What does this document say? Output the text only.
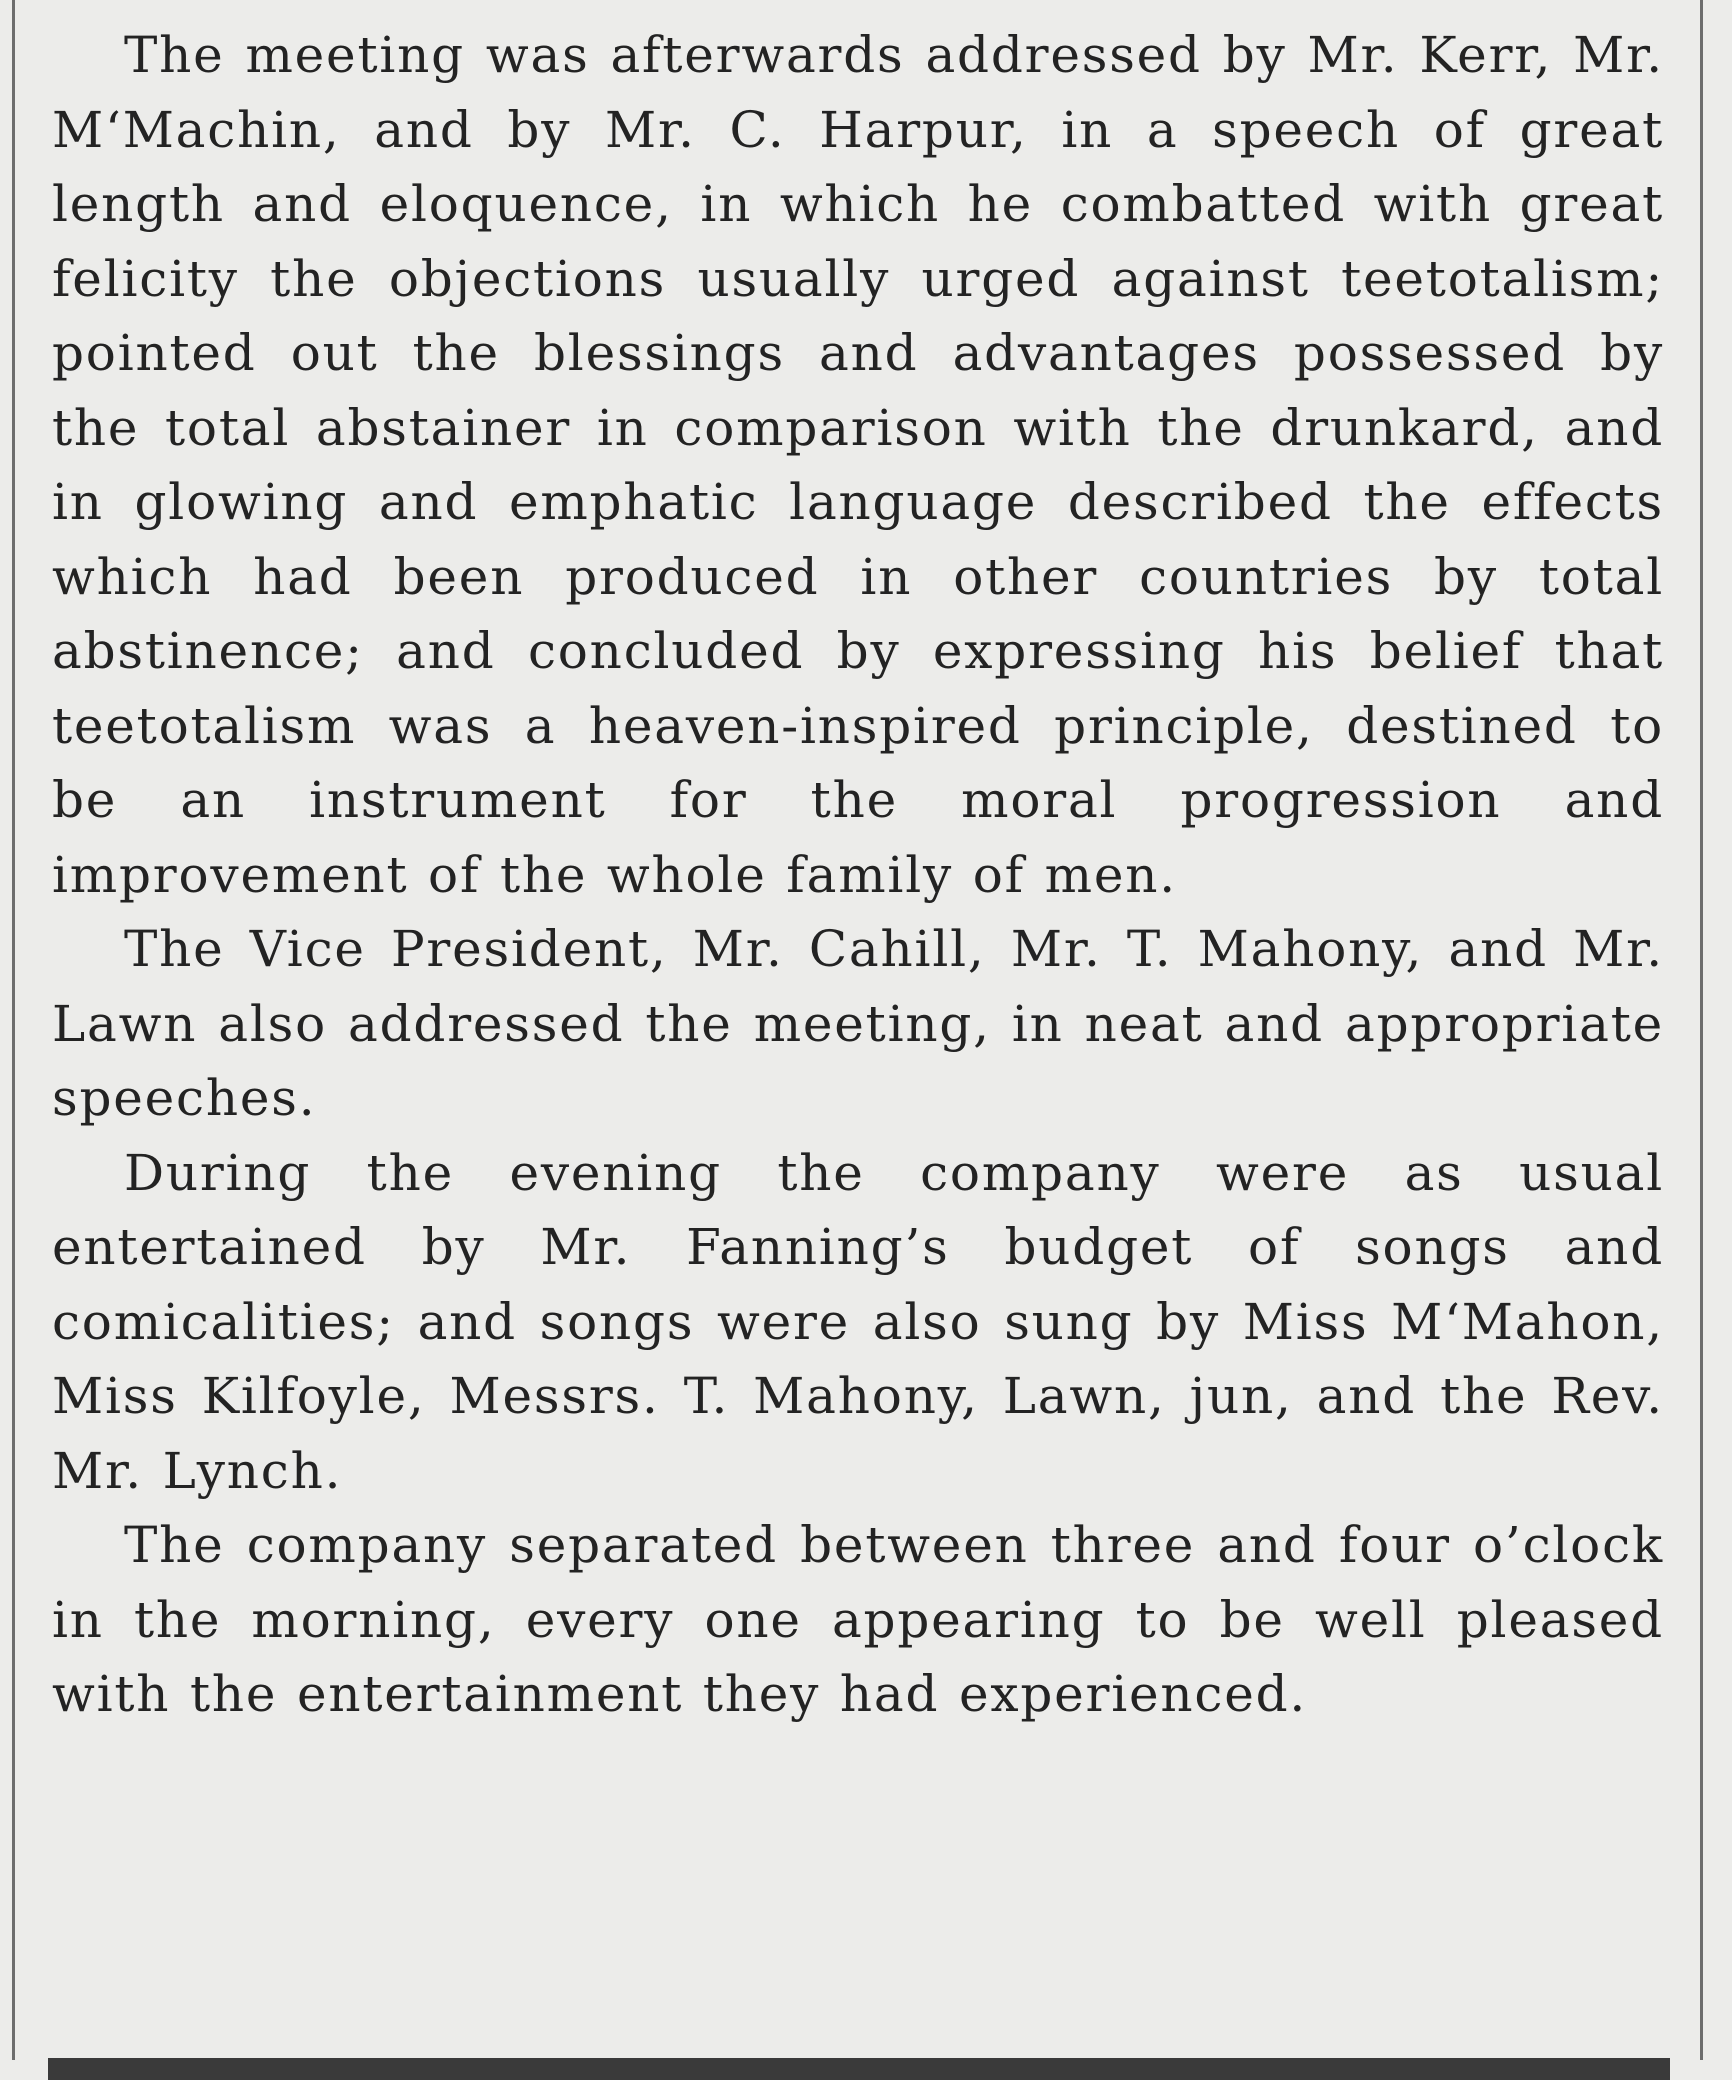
The meeting was afterwards addressed by Mr. Kerr, Mr. M‘Machin, and by Mr. C. Harpur, in a speech of great length and eloquence, in which he combatted with great felicity the objections usually urged against teetotalism; pointed out the blessings and advantages possessed by the total abstainer in comparison with the drunkard, and in glowing and emphatic language described the effects which had been produced in other countries by total abstinence; and concluded by expressing his belief that teetotalism was a heaven-inspired principle, destined to be an instrument for the moral progression and improvement of the whole family of men.

The Vice President, Mr. Cahill, Mr. T. Mahony, and Mr. Lawn also addressed the meeting, in neat and appropriate speeches.

During the evening the company were as usual entertained by Mr. Fanning’s budget of songs and comicalities; and songs were also sung by Miss M‘Mahon, Miss Kilfoyle, Messrs. T. Mahony, Lawn, jun, and the Rev. Mr. Lynch.

The company separated between three and four o’clock in the morning, every one appearing to be well pleased with the entertainment they had experienced.
